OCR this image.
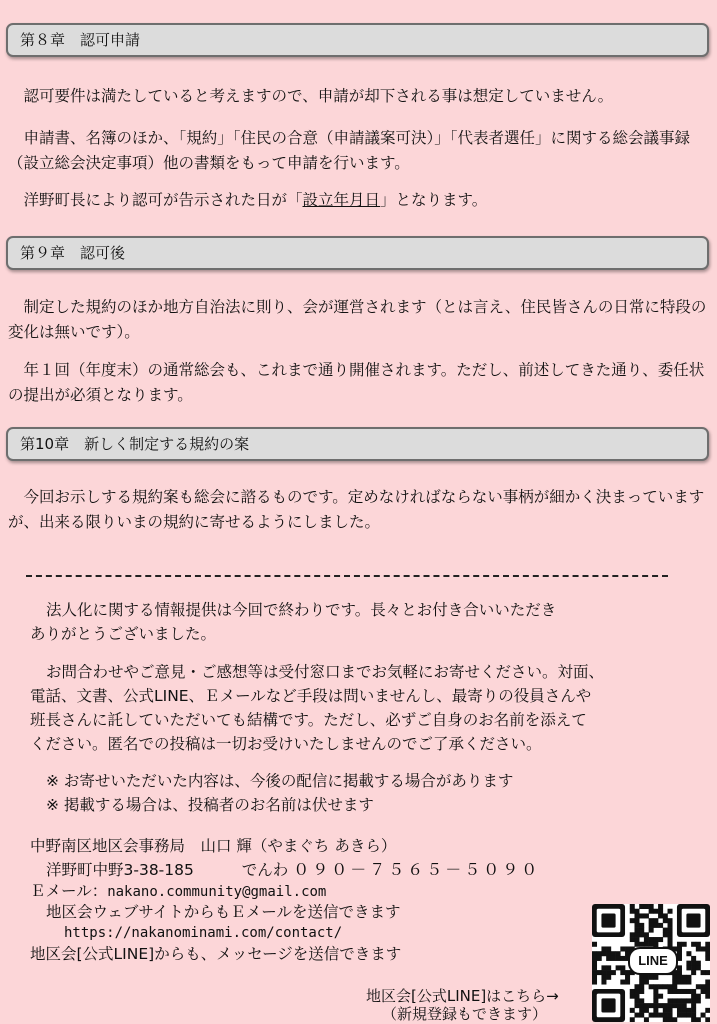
第８章　認可申請

認可要件は満たしていると考えますので、申請が却下される事は想定していません。

申請書、名簿のほか、「規約」「住民の合意（申請議案可決）」「代表者選任」に関する総会議事録（設立総会決定事項）他の書類をもって申請を行います。

洋野町長により認可が告示された日が「設立年月日」となります。

第９章　認可後

制定した規約のほか地方自治法に則り、会が運営されます（とは言え、住民皆さんの日常に特段の変化は無いです）。

年１回（年度末）の通常総会も、これまで通り開催されます。ただし、前述してきた通り、委任状の提出が必須となります。

第10章　新しく制定する規約の案

今回お示しする規約案も総会に諮るものです。定めなければならない事柄が細かく決まっていますが、出来る限りいまの規約に寄せるようにしました。

法人化に関する情報提供は今回で終わりです。長々とお付き合いいただき

ありがとうございました。

お問合わせやご意見・ご感想等は受付窓口までお気軽にお寄せください。対面、

電話、文書、公式LINE、Ｅメールなど手段は問いませんし、最寄りの役員さんや

班長さんに託していただいても結構です。ただし、必ずご自身のお名前を添えて

ください。匿名での投稿は一切お受けいたしませんのでご了承ください。

※ お寄せいただいた内容は、今後の配信に掲載する場合があります

※ 掲載する場合は、投稿者のお名前は伏せます

中野南区地区会事務局　山口 輝（やまぐち あきら）

洋野町中野3-38-185	でんわ ０９０－７５６５－５０９０

Ｅメール：nakano.community@gmail.com

地区会ウェブサイトからもＥメールを送信できます

https://nakanominami.com/contact/

地区会[公式LINE]からも、メッセージを送信できます

地区会[公式LINE]はこちら→

（新規登録もできます）

LINE
